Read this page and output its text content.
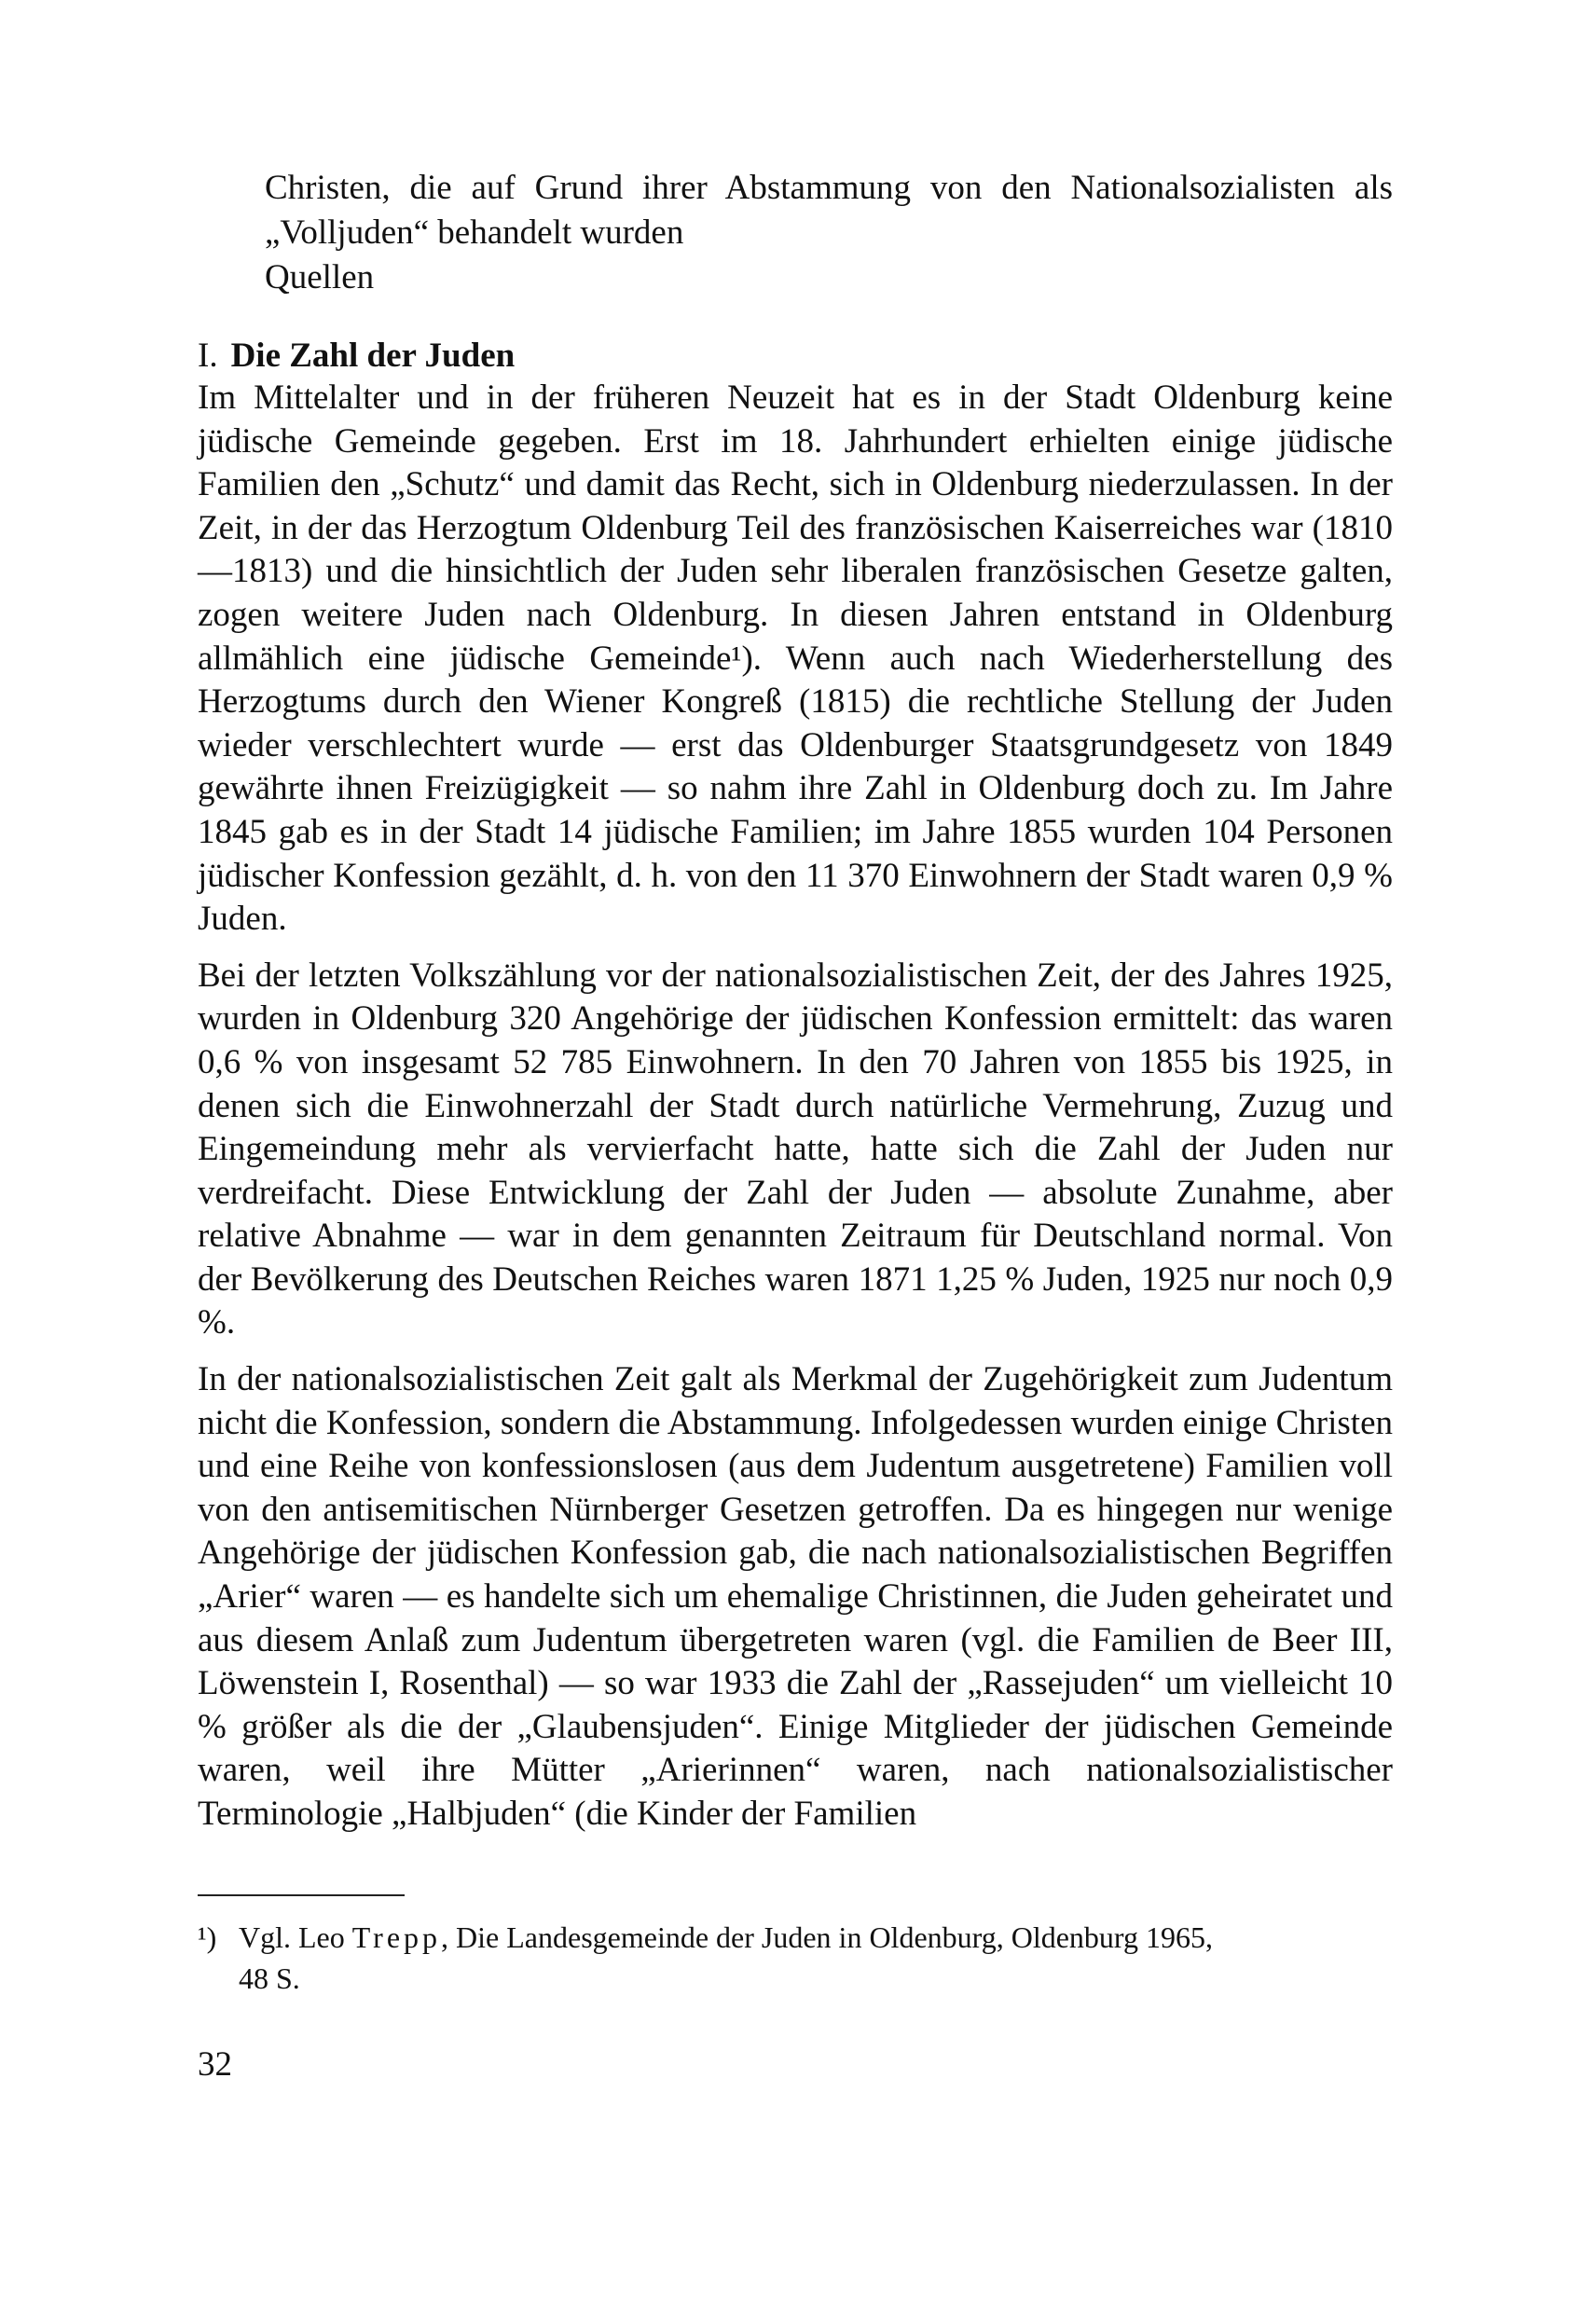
Christen, die auf Grund ihrer Abstammung von den Nationalsozialisten als „Volljuden“ behandelt wurden
Quellen
I. Die Zahl der Juden

Im Mittelalter und in der früheren Neuzeit hat es in der Stadt Oldenburg keine jüdische Gemeinde gegeben. Erst im 18. Jahrhundert erhielten einige jüdische Familien den „Schutz“ und damit das Recht, sich in Oldenburg niederzulassen. In der Zeit, in der das Herzogtum Oldenburg Teil des französischen Kaiserreiches war (1810—1813) und die hinsichtlich der Juden sehr liberalen französischen Gesetze galten, zogen weitere Juden nach Oldenburg. In diesen Jahren entstand in Oldenburg allmählich eine jüdische Gemeinde¹). Wenn auch nach Wiederherstellung des Herzogtums durch den Wiener Kongreß (1815) die rechtliche Stellung der Juden wieder verschlechtert wurde — erst das Oldenburger Staatsgrundgesetz von 1849 gewährte ihnen Freizügigkeit — so nahm ihre Zahl in Oldenburg doch zu. Im Jahre 1845 gab es in der Stadt 14 jüdische Familien; im Jahre 1855 wurden 104 Personen jüdischer Konfession gezählt, d. h. von den 11 370 Einwohnern der Stadt waren 0,9 % Juden.

Bei der letzten Volkszählung vor der nationalsozialistischen Zeit, der des Jahres 1925, wurden in Oldenburg 320 Angehörige der jüdischen Konfession ermittelt: das waren 0,6 % von insgesamt 52 785 Einwohnern. In den 70 Jahren von 1855 bis 1925, in denen sich die Einwohnerzahl der Stadt durch natürliche Vermehrung, Zuzug und Eingemeindung mehr als vervierfacht hatte, hatte sich die Zahl der Juden nur verdreifacht. Diese Entwicklung der Zahl der Juden — absolute Zunahme, aber relative Abnahme — war in dem genannten Zeitraum für Deutschland normal. Von der Bevölkerung des Deutschen Reiches waren 1871 1,25 % Juden, 1925 nur noch 0,9 %.

In der nationalsozialistischen Zeit galt als Merkmal der Zugehörigkeit zum Judentum nicht die Konfession, sondern die Abstammung. Infolgedessen wurden einige Christen und eine Reihe von konfessionslosen (aus dem Judentum ausgetretene) Familien voll von den antisemitischen Nürnberger Gesetzen getroffen. Da es hingegen nur wenige Angehörige der jüdischen Konfession gab, die nach nationalsozialistischen Begriffen „Arier“ waren — es handelte sich um ehemalige Christinnen, die Juden geheiratet und aus diesem Anlaß zum Judentum übergetreten waren (vgl. die Familien de Beer III, Löwenstein I, Rosenthal) — so war 1933 die Zahl der „Rassejuden“ um vielleicht 10 % größer als die der „Glaubensjuden“. Einige Mitglieder der jüdischen Gemeinde waren, weil ihre Mütter „Arierinnen“ waren, nach nationalsozialistischer Terminologie „Halbjuden“ (die Kinder der Familien

¹) Vgl. Leo Trepp, Die Landesgemeinde der Juden in Oldenburg, Oldenburg 1965, 48 S.
32
